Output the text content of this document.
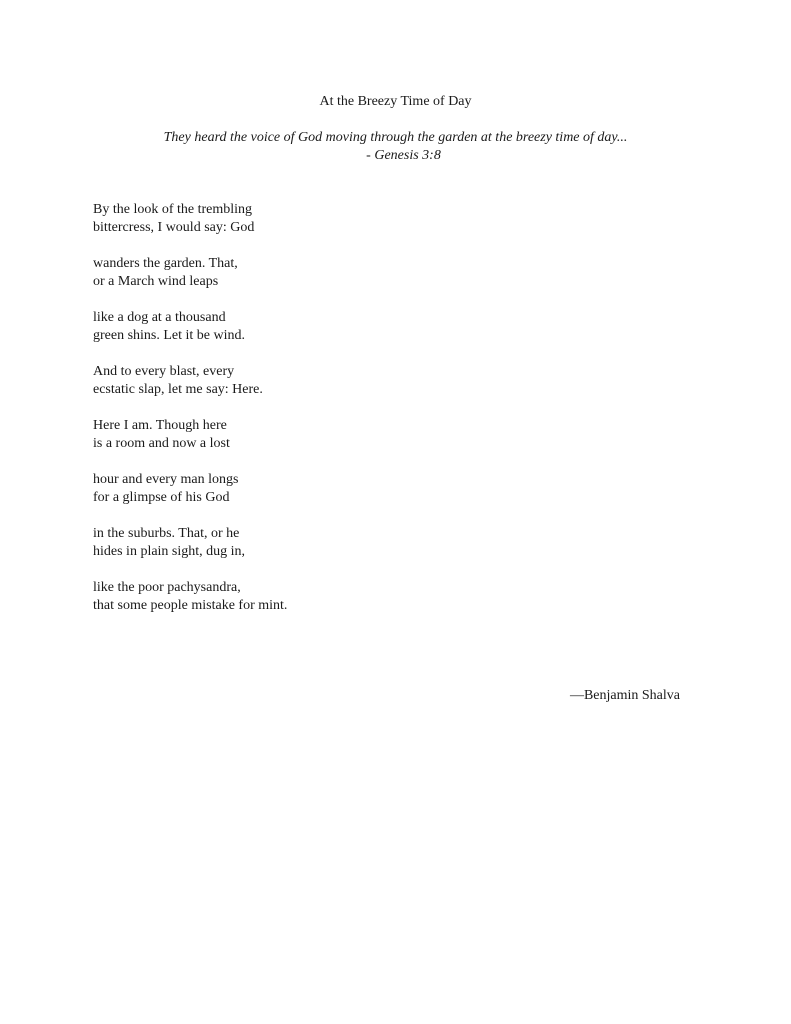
At the Breezy Time of Day
They heard the voice of God moving through the garden at the breezy time of day...
- Genesis 3:8
By the look of the trembling
bittercress, I would say: God
wanders the garden. That,
or a March wind leaps
like a dog at a thousand
green shins. Let it be wind.
And to every blast, every
ecstatic slap, let me say: Here.
Here I am. Though here
is a room and now a lost
hour and every man longs
for a glimpse of his God
in the suburbs. That, or he
hides in plain sight, dug in,
like the poor pachysandra,
that some people mistake for mint.
—Benjamin Shalva
